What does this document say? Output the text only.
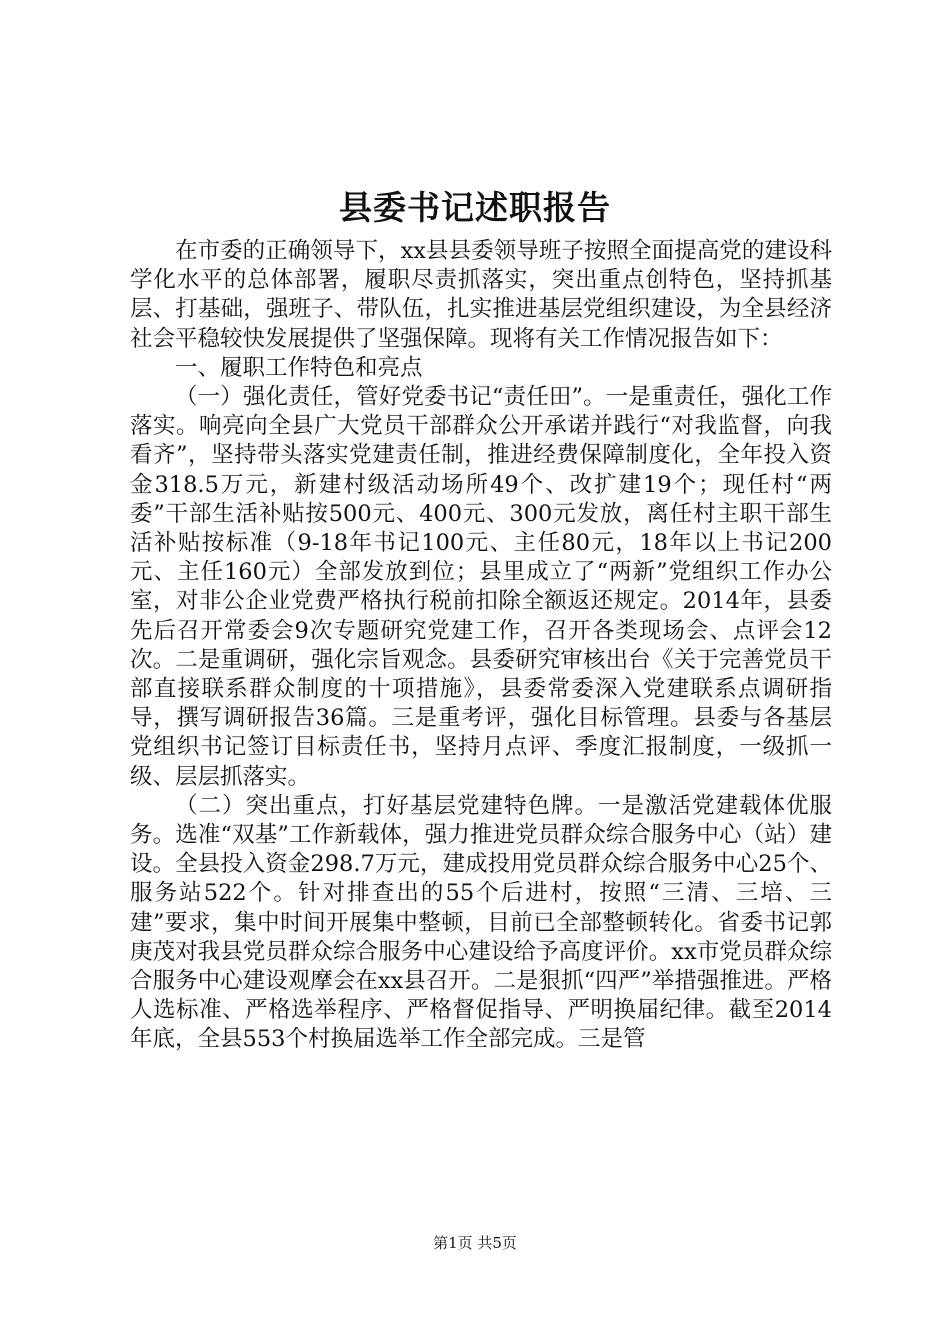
县委书记述职报告

在市委的正确领导下，xx县县委领导班子按照全面提高党的建设科学化水平的总体部署，履职尽责抓落实，突出重点创特色，坚持抓基层、打基础，强班子、带队伍，扎实推进基层党组织建设，为全县经济社会平稳较快发展提供了坚强保障。现将有关工作情况报告如下：

一、履职工作特色和亮点

（一）强化责任，管好党委书记“责任田”。一是重责任，强化工作落实。响亮向全县广大党员干部群众公开承诺并践行“对我监督，向我看齐”，坚持带头落实党建责任制，推进经费保障制度化，全年投入资金318.5万元，新建村级活动场所49个、改扩建19个；现任村“两委”干部生活补贴按500元、400元、300元发放，离任村主职干部生活补贴按标准（9-18年书记100元、主任80元，18年以上书记200元、主任160元）全部发放到位；县里成立了“两新”党组织工作办公室，对非公企业党费严格执行税前扣除全额返还规定。2014年，县委先后召开常委会9次专题研究党建工作，召开各类现场会、点评会12次。二是重调研，强化宗旨观念。县委研究审核出台《关于完善党员干部直接联系群众制度的十项措施》，县委常委深入党建联系点调研指导，撰写调研报告36篇。三是重考评，强化目标管理。县委与各基层党组织书记签订目标责任书，坚持月点评、季度汇报制度，一级抓一级、层层抓落实。

（二）突出重点，打好基层党建特色牌。一是激活党建载体优服务。选准“双基”工作新载体，强力推进党员群众综合服务中心（站）建设。全县投入资金298.7万元，建成投用党员群众综合服务中心25个、服务站522个。针对排查出的55个后进村，按照“三清、三培、三建”要求，集中时间开展集中整顿，目前已全部整顿转化。省委书记郭庚茂对我县党员群众综合服务中心建设给予高度评价。xx市党员群众综合服务中心建设观摩会在xx县召开。二是狠抓“四严”举措强推进。严格人选标准、严格选举程序、严格督促指导、严明换届纪律。截至2014年底，全县553个村换届选举工作全部完成。三是管

第1页 共5页
